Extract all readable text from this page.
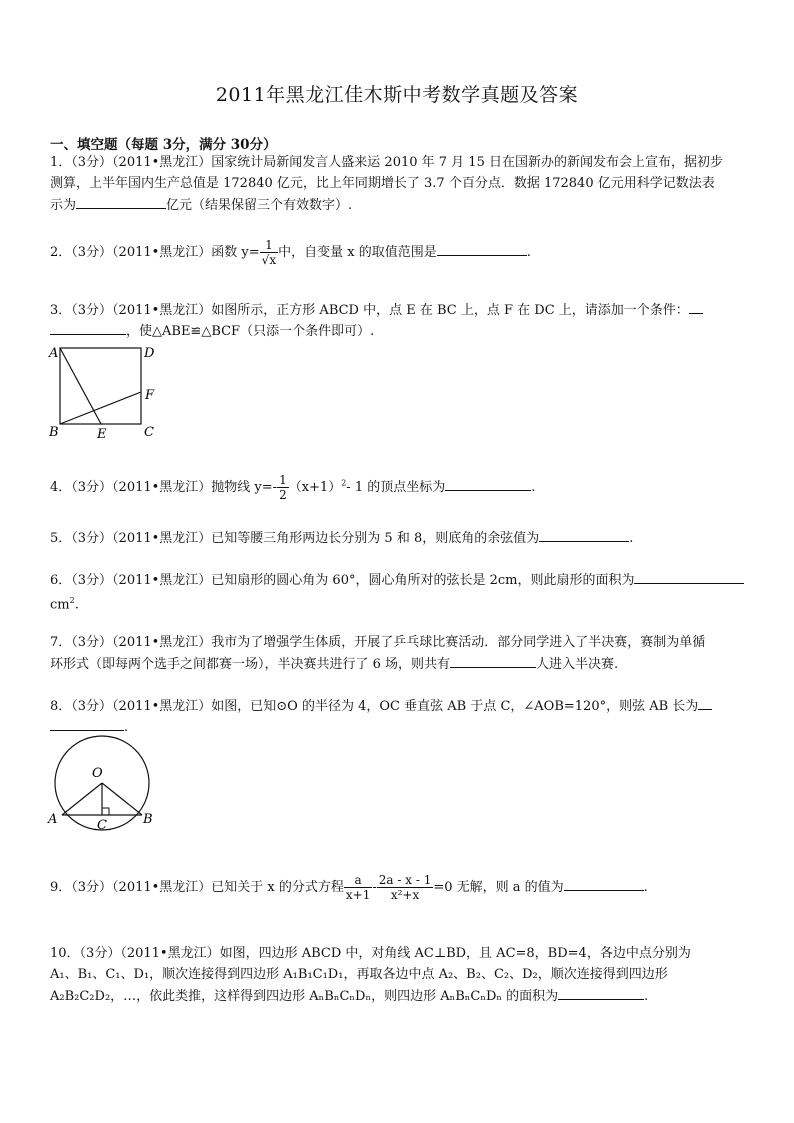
2011年黑龙江佳木斯中考数学真题及答案
一、填空题（每题 3分，满分 30分）
1．（3分）（2011•黑龙江）国家统计局新闻发言人盛来运 2010 年 7 月 15 日在国新办的新闻发布会上宣布，据初步
测算，上半年国内生产总值是 172840 亿元，比上年同期增长了 3.7 个百分点．数据 172840 亿元用科学记数法表
示为	亿元（结果保留三个有效数字）.
2．（3分）（2011•黑龙江）函数 $y= \frac{1}{√x}$ 中，自变量 x 的取值范围是	.
3．（3分）（2011•黑龙江）如图所示，正方形 ABCD 中，点 E 在 BC 上，点 F 在 DC 上，请添加一个条件：
，使△ABE≌△BCF（只添一个条件即可）.
A	D
F
B	E	C
4．（3分）（2011•黑龙江）抛物线 $y=- \frac{1}{2} (x+1)^2-$ 1 的顶点坐标为	.
5．（3分）（2011•黑龙江）已知等腰三角形两边长分别为 5 和 8，则底角的余弦值为	.
6．（3分）（2011•黑龙江）已知扇形的圆心角为 60°，圆心角所对的弦长是 2cm，则此扇形的面积为
$cm^2$.
7．（3分）（2011•黑龙江）我市为了增强学生体质，开展了乒乓球比赛活动．部分同学进入了半决赛，赛制为单循
环形式（即每两个选手之间都赛一场），半决赛共进行了 6 场，则共有	人进入半决赛.
8．（3分）（2011•黑龙江）如图，已知⊙O 的半径为 4，OC 垂直弦 AB 于点 C，∠AOB=120°，则弦 AB 长为
.
O
A	B
C
9．（3分）（2011•黑龙江）已知关于 x 的分式方程 $\frac{a}{x+1} - \frac{2a - x - 1}{\text{x²+x}} =0$ 无解，则 a 的值为	.
10．（3分）（2011•黑龙江）如图，四边形 ABCD 中，对角线 AC⊥BD，且 AC=8，BD=4，各边中点分别为
A₁、B₁、C₁、D₁，顺次连接得到四边形 A₁B₁C₁D₁，再取各边中点 A₂、B₂、C₂、D₂，顺次连接得到四边形
A₂B₂C₂D₂，…，依此类推，这样得到四边形 AₙBₙCₙDₙ，则四边形 AₙBₙCₙDₙ 的面积为	.
